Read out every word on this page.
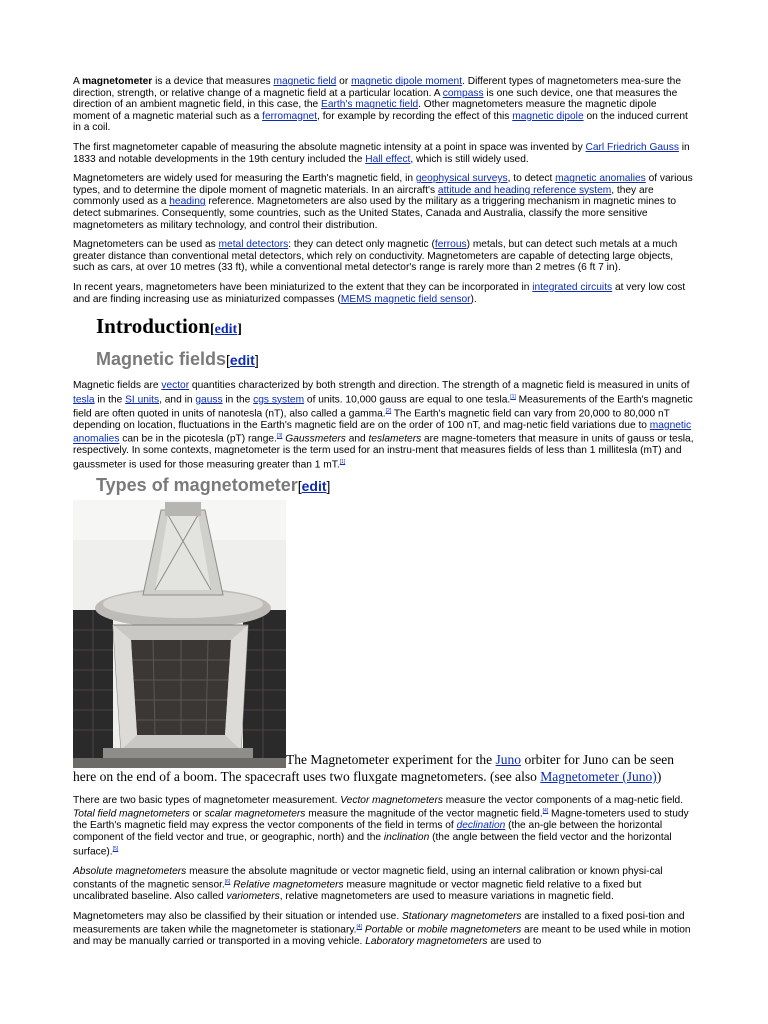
A magnetometer is a device that measures magnetic field or magnetic dipole moment. Different types of magnetometers mea-sure the direction, strength, or relative change of a magnetic field at a particular location. A compass is one such device, one that measures the direction of an ambient magnetic field, in this case, the Earth's magnetic field. Other magnetometers measure the magnetic dipole moment of a magnetic material such as a ferromagnet, for example by recording the effect of this magnetic dipole on the induced current in a coil.

The first magnetometer capable of measuring the absolute magnetic intensity at a point in space was invented by Carl Friedrich Gauss in 1833 and notable developments in the 19th century included the Hall effect, which is still widely used.

Magnetometers are widely used for measuring the Earth's magnetic field, in geophysical surveys, to detect magnetic anomalies of various types, and to determine the dipole moment of magnetic materials. In an aircraft's attitude and heading reference system, they are commonly used as a heading reference. Magnetometers are also used by the military as a triggering mechanism in magnetic mines to detect submarines. Consequently, some countries, such as the United States, Canada and Australia, classify the more sensitive magnetometers as military technology, and control their distribution.

Magnetometers can be used as metal detectors: they can detect only magnetic (ferrous) metals, but can detect such metals at a much greater distance than conventional metal detectors, which rely on conductivity. Magnetometers are capable of detecting large objects, such as cars, at over 10 metres (33 ft), while a conventional metal detector's range is rarely more than 2 metres (6 ft 7 in).

In recent years, magnetometers have been miniaturized to the extent that they can be incorporated in integrated circuits at very low cost and are finding increasing use as miniaturized compasses (MEMS magnetic field sensor).

Introduction[edit]
Magnetic fields[edit]

Magnetic fields are vector quantities characterized by both strength and direction. The strength of a magnetic field is measured in units of tesla in the SI units, and in gauss in the cgs system of units. 10,000 gauss are equal to one tesla.[1] Measurements of the Earth's magnetic field are often quoted in units of nanotesla (nT), also called a gamma.[2] The Earth's magnetic field can vary from 20,000 to 80,000 nT depending on location, fluctuations in the Earth's magnetic field are on the order of 100 nT, and mag-netic field variations due to magnetic anomalies can be in the picotesla (pT) range.[3] Gaussmeters and teslameters are magne-tometers that measure in units of gauss or tesla, respectively. In some contexts, magnetometer is the term used for an instru-ment that measures fields of less than 1 millitesla (mT) and gaussmeter is used for those measuring greater than 1 mT.[1]

Types of magnetometer[edit]
The Magnetometer experiment for the Juno orbiter for Juno can be seen here on the end of a boom. The spacecraft uses two fluxgate magnetometers. (see also Magnetometer (Juno))

There are two basic types of magnetometer measurement. Vector magnetometers measure the vector components of a mag-netic field. Total field magnetometers or scalar magnetometers measure the magnitude of the vector magnetic field.[4] Magne-tometers used to study the Earth's magnetic field may express the vector components of the field in terms of declination (the an-gle between the horizontal component of the field vector and true, or geographic, north) and the inclination (the angle between the field vector and the horizontal surface).[5]

Absolute magnetometers measure the absolute magnitude or vector magnetic field, using an internal calibration or known physi-cal constants of the magnetic sensor.[6] Relative magnetometers measure magnitude or vector magnetic field relative to a fixed but uncalibrated baseline. Also called variometers, relative magnetometers are used to measure variations in magnetic field.

Magnetometers may also be classified by their situation or intended use. Stationary magnetometers are installed to a fixed posi-tion and measurements are taken while the magnetometer is stationary.[4] Portable or mobile magnetometers are meant to be used while in motion and may be manually carried or transported in a moving vehicle. Laboratory magnetometers are used to
